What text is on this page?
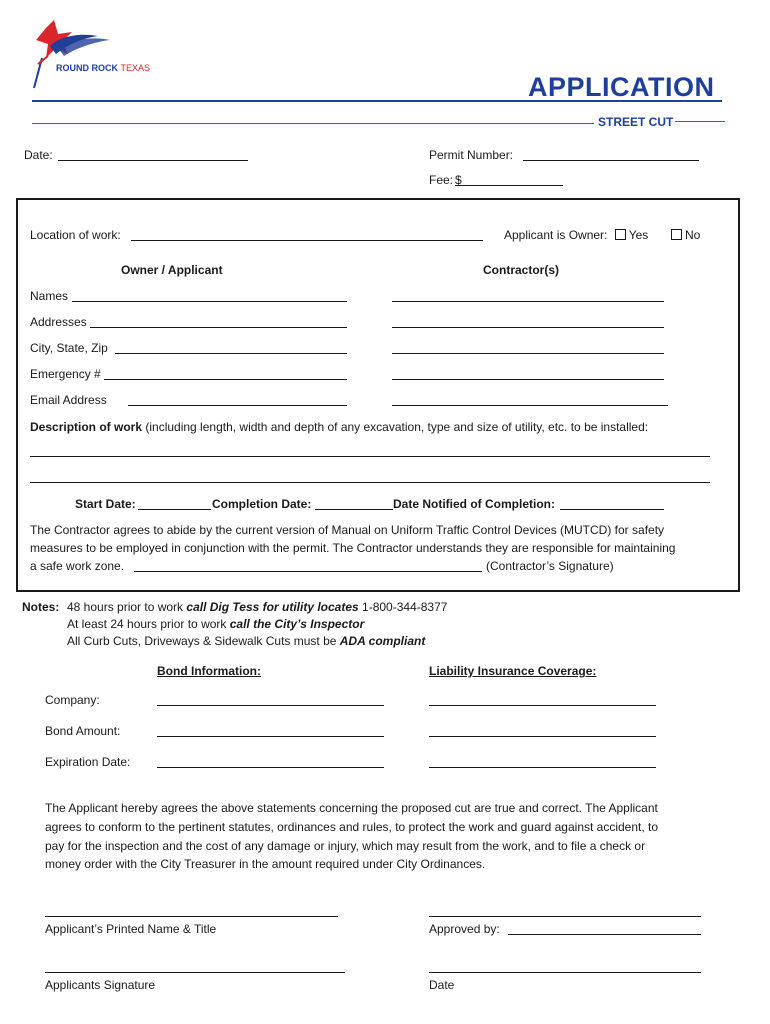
ROUND ROCK TEXAS
APPLICATION
STREET CUT
Date:	Permit Number:
Fee: $
Location of work:	Applicant is Owner: Yes	No
Owner / Applicant	Contractor(s)
Names
Addresses
City, State, Zip
Emergency #
Email Address
Description of work (including length, width and depth of any excavation, type and size of utility, etc. to be installed:
Start Date:	Completion Date:	Date Notified of Completion:
The Contractor agrees to abide by the current version of Manual on Uniform Traffic Control Devices (MUTCD) for safety
measures to be employed in conjunction with the permit. The Contractor understands they are responsible for maintaining
a safe work zone.	(Contractor’s Signature)
Notes: 48 hours prior to work call Dig Tess for utility locates 1-800-344-8377
At least 24 hours prior to work call the City’s Inspector
All Curb Cuts, Driveways & Sidewalk Cuts must be ADA compliant
Bond Information:	Liability Insurance Coverage:
Company:
Bond Amount:
Expiration Date:
The Applicant hereby agrees the above statements concerning the proposed cut are true and correct. The Applicant
agrees to conform to the pertinent statutes, ordinances and rules, to protect the work and guard against accident, to
pay for the inspection and the cost of any damage or injury, which may result from the work, and to file a check or
money order with the City Treasurer in the amount required under City Ordinances.
Applicant’s Printed Name & Title	Approved by:
Applicants Signature	Date
